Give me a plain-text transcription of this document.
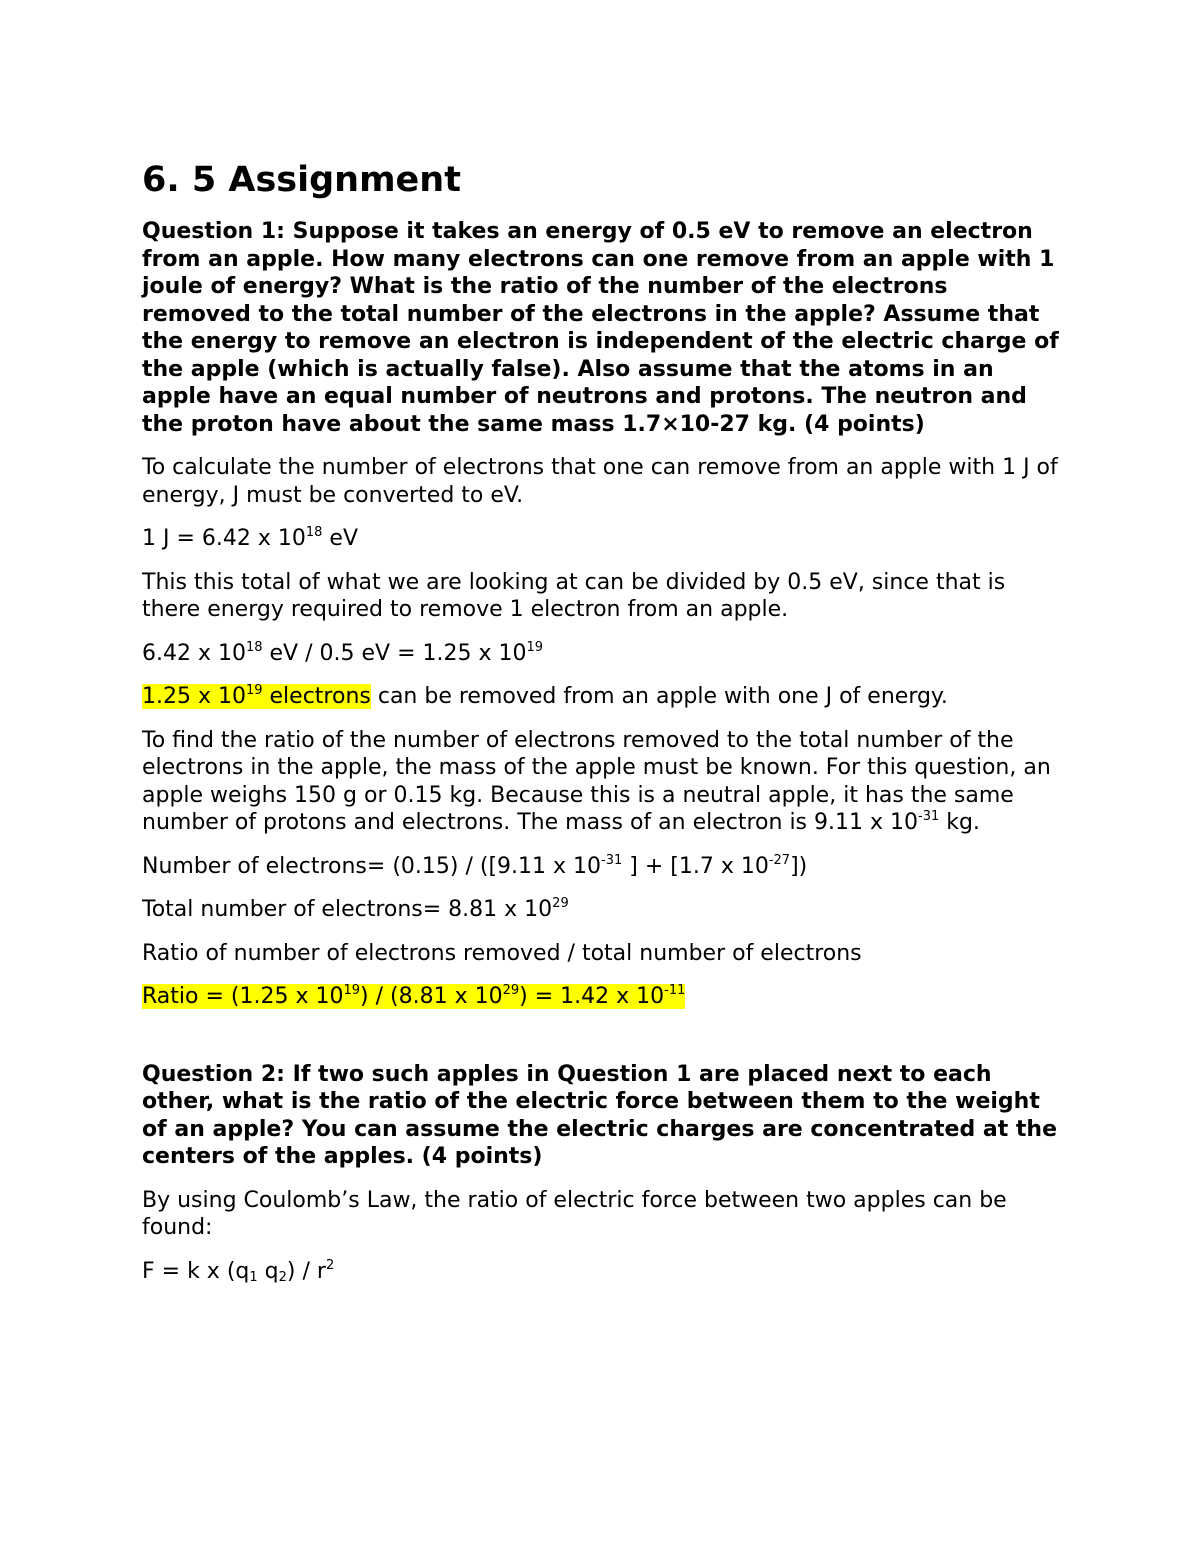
6. 5 Assignment

Question 1: Suppose it takes an energy of 0.5 eV to remove an electron from an apple. How many electrons can one remove from an apple with 1 joule of energy? What is the ratio of the number of the electrons removed to the total number of the electrons in the apple? Assume that the energy to remove an electron is independent of the electric charge of the apple (which is actually false). Also assume that the atoms in an apple have an equal number of neutrons and protons. The neutron and the proton have about the same mass 1.7×10-27 kg. (4 points)

To calculate the number of electrons that one can remove from an apple with 1 J of energy, J must be converted to eV.

1 J = 6.42 x $10^{18}$ eV

This this total of what we are looking at can be divided by 0.5 eV, since that is there energy required to remove 1 electron from an apple.

6.42 x $10^{18}$ eV / 0.5 eV = 1.25 x $10^{19}$

1.25 x $10^{19}$ electrons can be removed from an apple with one J of energy.

To find the ratio of the number of electrons removed to the total number of the electrons in the apple, the mass of the apple must be known. For this question, an apple weighs 150 g or 0.15 kg. Because this is a neutral apple, it has the same number of protons and electrons. The mass of an electron is 9.11 x $10^{-31}$ kg.

Number of electrons= (0.15) / ([9.11 x $10^{-31}$ ] + [1.7 x $10^{-27}$])

Total number of electrons= 8.81 x $10^{29}$

Ratio of number of electrons removed / total number of electrons

Ratio = (1.25 x $10^{19}) / (8.81$ x $10^{29}) = 1.42$ x $10^{-11}$

Question 2: If two such apples in Question 1 are placed next to each other, what is the ratio of the electric force between them to the weight of an apple? You can assume the electric charges are concentrated at the centers of the apples. (4 points)

By using Coulomb’s Law, the ratio of electric force between two apples can be found:

F = k x ($q_1$ $q_2) / r^2$
